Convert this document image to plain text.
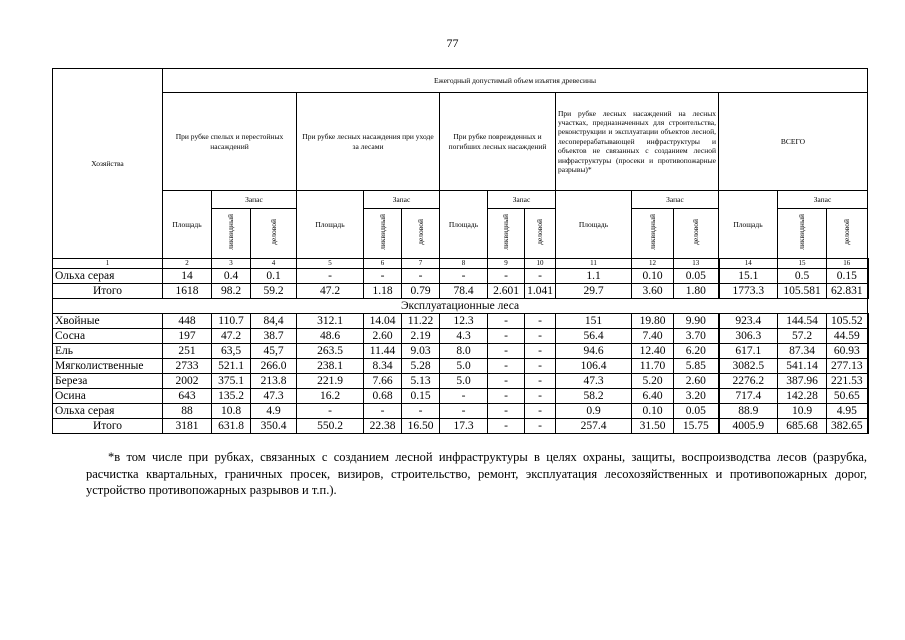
77
Хозяйства	Ежегодный допустимый объем изъятия древесины														
	При рубке спелых и перестойных насаждений			При рубке лесных насаждения при уходе за лесами			При рубке поврежденных и погибших лесных насаждений			При рубке лесных насаждений на лесных участках, предназначенных для строительства, реконструкции и эксплуатации объектов лесной, лесоперерабатывающей инфраструктуры и объектов не связанных с созданием лесной инфраструктуры (просеки и противопожарные разрывы)*			ВСЕГО		
	Площадь	Запас		Площадь	Запас		Площадь	Запас		Площадь	Запас		Площадь	Запас	
		ликвидный	деловой		ликвидный	деловой		ликвидный	деловой		ликвидный	деловой		ликвидный	деловой
1	2	3	4	5	6	7	8	9	10	11	12	13	14	15	16
Ольха серая	14	0.4	0.1	-	-	-	-	-	-	1.1	0.10	0.05	15.1	0.5	0.15
Итого	1618	98.2	59.2	47.2	1.18	0.79	78.4	2.601	1.041	29.7	3.60	1.80	1773.3	105.581	62.831
Эксплуатационные леса															
Хвойные	448	110.7	84,4	312.1	14.04	11.22	12.3	-	-	151	19.80	9.90	923.4	144.54	105.52
Сосна	197	47.2	38.7	48.6	2.60	2.19	4.3	-	-	56.4	7.40	3.70	306.3	57.2	44.59
Ель	251	63,5	45,7	263.5	11.44	9.03	8.0	-	-	94.6	12.40	6.20	617.1	87.34	60.93
Мягколиственные	2733	521.1	266.0	238.1	8.34	5.28	5.0	-	-	106.4	11.70	5.85	3082.5	541.14	277.13
Береза	2002	375.1	213.8	221.9	7.66	5.13	5.0	-	-	47.3	5.20	2.60	2276.2	387.96	221.53
Осина	643	135.2	47.3	16.2	0.68	0.15	-	-	-	58.2	6.40	3.20	717.4	142.28	50.65
Ольха серая	88	10.8	4.9	-	-	-	-	-	-	0.9	0.10	0.05	88.9	10.9	4.95
Итого	3181	631.8	350.4	550.2	22.38	16.50	17.3	-	-	257.4	31.50	15.75	4005.9	685.68	382.65
*в том числе при рубках, связанных с созданием лесной инфраструктуры в целях охраны, защиты, воспроизводства лесов (разрубка, расчистка квартальных, граничных просек, визиров, строительство, ремонт, эксплуатация лесохозяйственных и противопожарных дорог, устройство противопожарных разрывов и т.п.).
